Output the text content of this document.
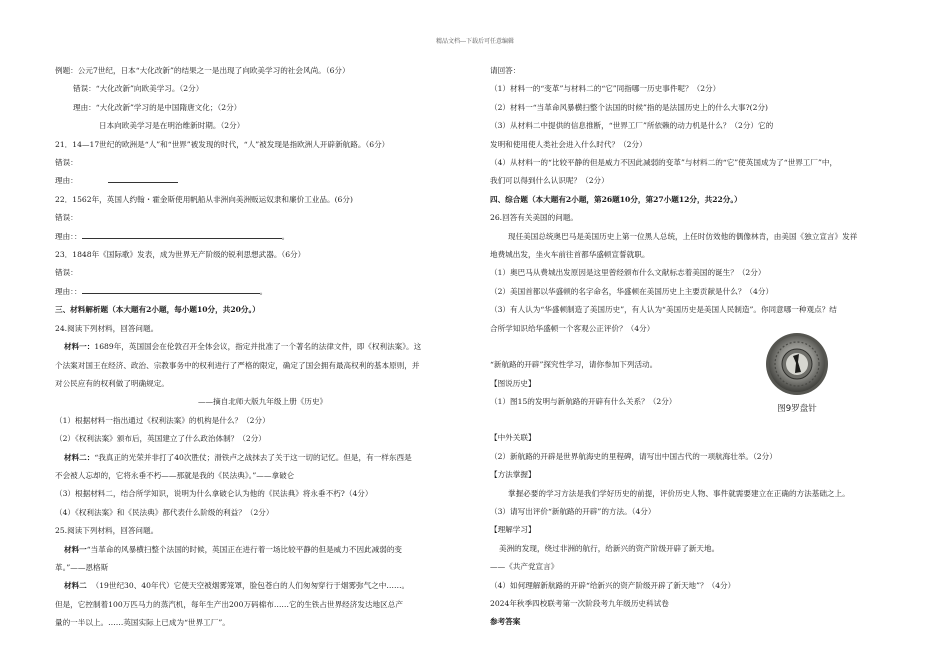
精品文档---下载后可任意编辑
例题：公元7世纪，日本“大化改新”的结果之一是出现了向欧美学习的社会风尚。（6分）
错误：“大化改新”向欧美学习。（2分）
理由：“大化改新”学习的是中国隋唐文化；（2分）
日本向欧美学习是在明治维新时期。（2分）
21．14—17世纪的欧洲是“人”和“世界”被发现的时代，“人”被发现是指欧洲人开辟新航路。（6分）
错误：
理由：
22．1562年，英国人约翰・霍金斯使用帆船从非洲向美洲贩运奴隶和廉价工业品。(6分)
错误：
理由：：	。
23．1848年《国际歌》发表，成为世界无产阶级的锐利思想武器。（6分）
错误：
理由：：	。
三、材料解析题（本大题有2小题，每小题10分，共20分。）
24.阅读下列材料，回答问题。
材料一：1689年，英国国会在伦敦召开全体会议，指定并批准了一个著名的法律文件，即《权利法案》。这
个法案对国王在经济、政治、宗教事务中的权利进行了严格的限定，确定了国会拥有最高权利的基本原则，并
对公民应有的权利做了明确规定。
——摘自北师大版九年级上册《历史》
（1）根据材料一指出通过《权利法案》的机构是什么？（2分）
（2）《权利法案》颁布后，英国建立了什么政治体制？（2分）
材料二：“我真正的光荣并非打了40次胜仗；滑铁卢之战抹去了关于这一切的记忆。但是，有一样东西是
不会被人忘却的，它将永垂不朽——那就是我的《民法典》。”——拿破仑
（3）根据材料二，结合所学知识，说明为什么拿破仑认为他的《民法典》将永垂不朽?（4分）
（4）《权利法案》和《民法典》都代表什么阶级的利益？（2分）
25.阅读下列材料，回答问题。
材料一“当革命的风暴横扫整个法国的时候，英国正在进行着一场比较平静的但是威力不因此减弱的变
革。”——恩格斯
材料二 （19世纪30、40年代）它使天空被烟雾笼罩，脸包苍白的人们匆匆穿行于烟雾弥气之中……。
但是，它控制着100万匹马力的蒸汽机，每年生产出200万码棉布……它的生铁占世界经济发达地区总产
量的一半以上。……英国实际上已成为“世界工厂”。
请回答：
（1）材料一的“变革”与材料二的“它”同指哪一历史事件呢？（2分）
（2）材料一“当革命风暴横扫整个法国的时候”指的是法国历史上的什么大事?(2分)
（3）从材料二中提供的信息推断，“世界工厂”所依赖的动力机是什么？（2分）它的
发明和使用使人类社会进入什么时代？（2分）
（4）从材料一的“比较平静的但是威力不因此减弱的变革”与材料二的“它”使英国成为了“世界工厂”中，
我们可以得到什么认识呢？（2分）
四、综合题（本大题有2小题，第26题10分，第27小题12分，共22分。）
26.回答有关美国的问题。
现任美国总统奥巴马是美国历史上第一位黑人总统，上任时仿效他的偶像林肯，由美国《独立宣言》发祥
地费城出发，坐火车前往首都华盛顿宣誓就职。
（1）奥巴马从费城出发原因是这里曾经颁布什么文献标志着美国的诞生？（2分）
（2）美国首都以华盛顿的名字命名，华盛顿在美国历史上主要贡献是什么？（4分）
（3）有人认为“华盛顿制造了美国历史”，有人认为“美国历史是美国人民制造”。你同意哪一种观点？结
合所学知识给华盛顿一个客观公正评价？（4分）
“新航路的开辟”探究性学习，请你参加下列活动。
【图说历史】
（1）图15的发明与新航路的开辟有什么关系？（2分）
【中外关联】
（2）新航路的开辟是世界航海史的里程碑，请写出中国古代的一项航海壮举。（2分）
【方法掌握】
掌握必要的学习方法是我们学好历史的前提，评价历史人物、事件就需要建立在正确的方法基础之上。
（3）请写出评价“新航路的开辟”的方法。（4分）
【理解学习】
美洲的发现，绕过非洲的航行，给新兴的资产阶级开辟了新天地。
——《共产党宣言》
（4）如何理解新航路的开辟“给新兴的资产阶级开辟了新天地”？（4分）
2024年秋季四校联考第一次阶段考九年级历史科试卷
参考答案
图9罗盘针
